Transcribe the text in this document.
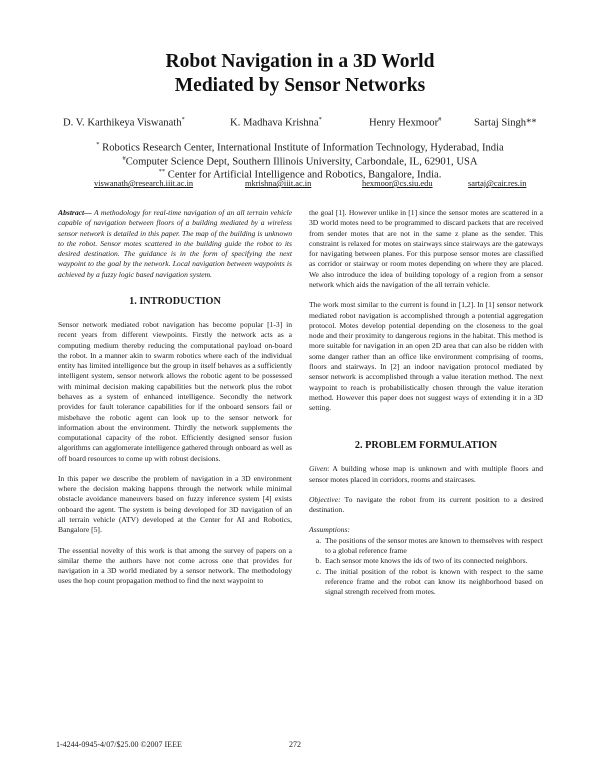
Robot Navigation in a 3D World
Mediated by Sensor Networks
D. V. Karthikeya Viswanath*	K. Madhava Krishna*	Henry Hexmoor#	Sartaj Singh**
* Robotics Research Center, International Institute of Information Technology, Hyderabad, India
#Computer Science Dept, Southern Illinois University, Carbondale, IL, 62901, USA
** Center for Artificial Intelligence and Robotics, Bangalore, India.
viswanath@research.iiit.ac.in	mkrishna@iiit.ac.in	hexmoor@cs.siu.edu	sartaj@cair.res.in

Abstract— A methodology for real-time navigation of an all terrain vehicle capable of navigation between floors of a building mediated by a wireless sensor network is detailed in this paper. The map of the building is unknown to the robot. Sensor motes scattered in the building guide the robot to its desired destination. The guidance is in the form of specifying the next waypoint to the goal by the network. Local navigation between waypoints is achieved by a fuzzy logic based navigation system.

1. INTRODUCTION

Sensor network mediated robot navigation has become popular [1-3] in recent years from different viewpoints. Firstly the network acts as a computing medium thereby reducing the computational payload on-board the robot. In a manner akin to swarm robotics where each of the individual entity has limited intelligence but the group in itself behaves as a sufficiently intelligent system, sensor network allows the robotic agent to be possessed with minimal decision making capabilities but the network plus the robot behaves as a system of enhanced intelligence. Secondly the network provides for fault tolerance capabilities for if the onboard sensors fail or misbehave the robotic agent can look up to the sensor network for information about the environment. Thirdly the network supplements the computational capacity of the robot. Efficiently designed sensor fusion algorithms can agglomerate intelligence gathered through onboard as well as off board resources to come up with robust decisions.

In this paper we describe the problem of navigation in a 3D environment where the decision making happens through the network while minimal obstacle avoidance maneuvers based on fuzzy inference system [4] exists onboard the agent. The system is being developed for 3D navigation of an all terrain vehicle (ATV) developed at the Center for AI and Robotics, Bangalore [5].

The essential novelty of this work is that among the survey of papers on a similar theme the authors have not come across one that provides for navigation in a 3D world mediated by a sensor network. The methodology uses the hop count propagation method to find the next waypoint to

the goal [1]. However unlike in [1] since the sensor motes are scattered in a 3D world motes need to be programmed to discard packets that are received from sender motes that are not in the same z plane as the sender. This constraint is relaxed for motes on stairways since stairways are the gateways for navigating between planes. For this purpose sensor motes are classified as corridor or stairway or room motes depending on where they are placed. We also introduce the idea of building topology of a region from a sensor network which aids the navigation of the all terrain vehicle.

The work most similar to the current is found in [1,2]. In [1] sensor network mediated robot navigation is accomplished through a potential aggregation protocol. Motes develop potential depending on the closeness to the goal node and their proximity to dangerous regions in the habitat. This method is more suitable for navigation in an open 2D area that can also be ridden with some danger rather than an office like environment comprising of rooms, floors and stairways. In [2] an indoor navigation protocol mediated by sensor network is accomplished through a value iteration method. The next waypoint to reach is probabilistically chosen through the value iteration method. However this paper does not suggest ways of extending it in a 3D setting.

2. PROBLEM FORMULATION

Given: A building whose map is unknown and with multiple floors and sensor motes placed in corridors, rooms and staircases.

Objective: To navigate the robot from its current position to a desired destination.

Assumptions:

a. The positions of the sensor motes are known to themselves with respect to a global reference frame
b. Each sensor mote knows the ids of two of its connected neighbors.
c. The initial position of the robot is known with respect to the same reference frame and the robot can know its neighborhood based on signal strength received from motes.
1-4244-0945-4/07/$25.00 ©2007 IEEE	272
